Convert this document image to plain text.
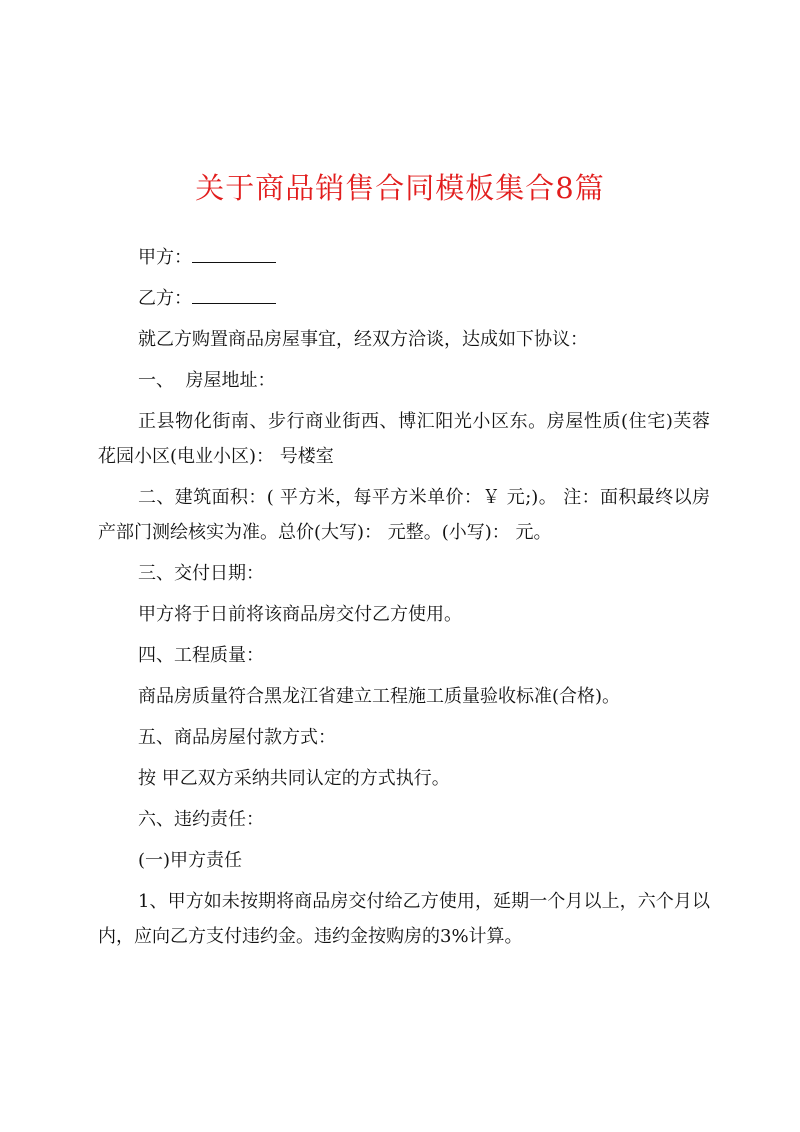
关于商品销售合同模板集合8篇

甲方：

乙方：

就乙方购置商品房屋事宜，经双方洽谈，达成如下协议：

一、  房屋地址：

正县物化街南、步行商业街西、博汇阳光小区东。房屋性质(住宅)芙蓉花园小区(电业小区)： 号楼室

二、建筑面积：( 平方米，每平方米单价：￥ 元;)。 注：面积最终以房产部门测绘核实为准。总价(大写)： 元整。(小写)： 元。

三、交付日期：

甲方将于日前将该商品房交付乙方使用。

四、工程质量：

商品房质量符合黑龙江省建立工程施工质量验收标准(合格)。

五、商品房屋付款方式：

按 甲乙双方采纳共同认定的方式执行。

六、违约责任：

(一)甲方责任

1、甲方如未按期将商品房交付给乙方使用，延期一个月以上，六个月以内，应向乙方支付违约金。违约金按购房的3%计算。
